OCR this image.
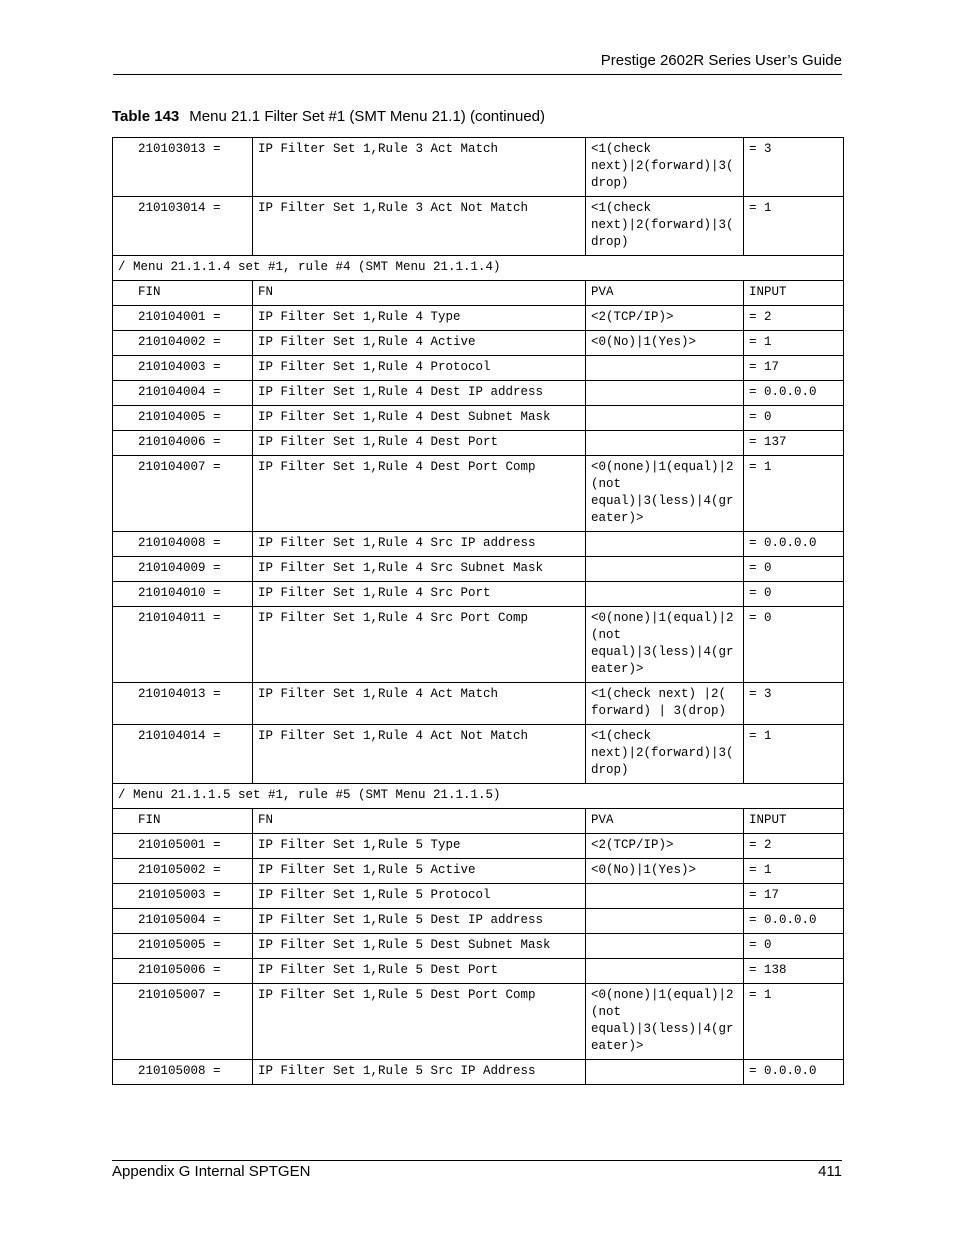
Prestige 2602R Series User’s Guide
Table 143 Menu 21.1 Filter Set #1 (SMT Menu 21.1) (continued)
210103013 =	IP Filter Set 1,Rule 3 Act Match	<1(check next)|2(forward)|3(drop)	= 3
210103014 =	IP Filter Set 1,Rule 3 Act Not Match	<1(check next)|2(forward)|3(drop)	= 1
/ Menu 21.1.1.4 set #1, rule #4 (SMT Menu 21.1.1.4)			
FIN	FN	PVA	INPUT
210104001 =	IP Filter Set 1,Rule 4 Type	<2(TCP/IP)>	= 2
210104002 =	IP Filter Set 1,Rule 4 Active	<0(No)|1(Yes)>	= 1
210104003 =	IP Filter Set 1,Rule 4 Protocol		= 17
210104004 =	IP Filter Set 1,Rule 4 Dest IP address		= 0.0.0.0
210104005 =	IP Filter Set 1,Rule 4 Dest Subnet Mask		= 0
210104006 =	IP Filter Set 1,Rule 4 Dest Port		= 137
210104007 =	IP Filter Set 1,Rule 4 Dest Port Comp	<0(none)|1(equal)|2(not equal)|3(less)|4(greater)>	= 1
210104008 =	IP Filter Set 1,Rule 4 Src IP address		= 0.0.0.0
210104009 =	IP Filter Set 1,Rule 4 Src Subnet Mask		= 0
210104010 =	IP Filter Set 1,Rule 4 Src Port		= 0
210104011 =	IP Filter Set 1,Rule 4 Src Port Comp	<0(none)|1(equal)|2(not equal)|3(less)|4(greater)>	= 0
210104013 =	IP Filter Set 1,Rule 4 Act Match	<1(check next) |2( forward) | 3(drop)	= 3
210104014 =	IP Filter Set 1,Rule 4 Act Not Match	<1(check next)|2(forward)|3(drop)	= 1
/ Menu 21.1.1.5 set #1, rule #5 (SMT Menu 21.1.1.5)			
FIN	FN	PVA	INPUT
210105001 =	IP Filter Set 1,Rule 5 Type	<2(TCP/IP)>	= 2
210105002 =	IP Filter Set 1,Rule 5 Active	<0(No)|1(Yes)>	= 1
210105003 =	IP Filter Set 1,Rule 5 Protocol		= 17
210105004 =	IP Filter Set 1,Rule 5 Dest IP address		= 0.0.0.0
210105005 =	IP Filter Set 1,Rule 5 Dest Subnet Mask		= 0
210105006 =	IP Filter Set 1,Rule 5 Dest Port		= 138
210105007 =	IP Filter Set 1,Rule 5 Dest Port Comp	<0(none)|1(equal)|2(not equal)|3(less)|4(greater)>	= 1
210105008 =	IP Filter Set 1,Rule 5 Src IP Address		= 0.0.0.0
Appendix G Internal SPTGEN	411
